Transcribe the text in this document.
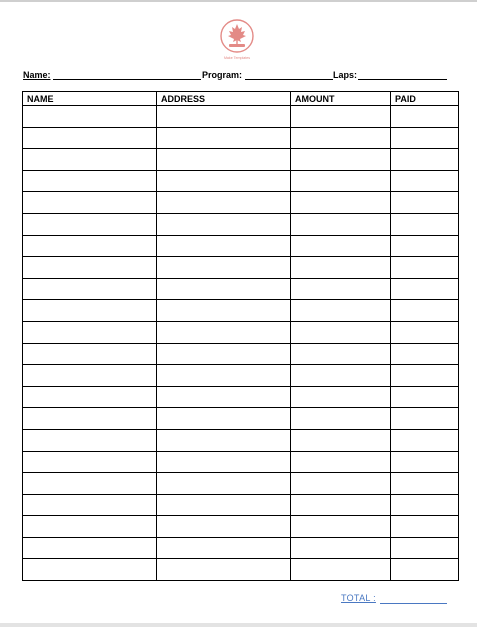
Make Templates
Name:	Program:	Laps:
NAME	ADDRESS	AMOUNT	PAID

TOTAL :
